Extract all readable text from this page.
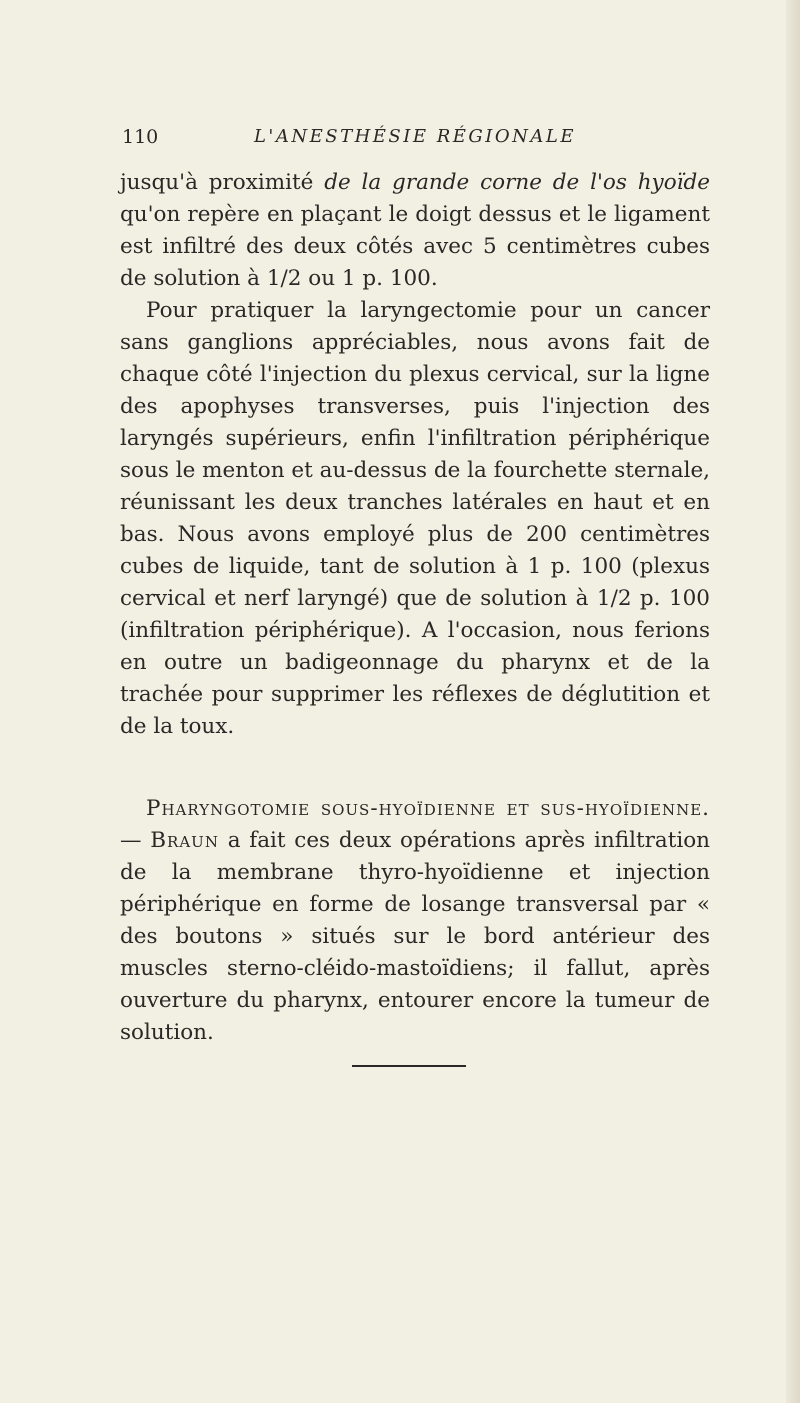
110	L'ANESTHÉSIE RÉGIONALE

jusqu'à proximité de la grande corne de l'os hyoïde qu'on repère en plaçant le doigt dessus et le ligament est infiltré des deux côtés avec 5 centimètres cubes de solution à 1/2 ou 1 p. 100.

Pour pratiquer la laryngectomie pour un cancer sans ganglions appréciables, nous avons fait de chaque côté l'injection du plexus cervical, sur la ligne des apophyses transverses, puis l'injection des laryngés supérieurs, enfin l'infiltration périphérique sous le menton et au-dessus de la fourchette sternale, réunissant les deux tranches latérales en haut et en bas. Nous avons employé plus de 200 centimètres cubes de liquide, tant de solution à 1 p. 100 (plexus cervical et nerf laryngé) que de solution à 1/2 p. 100 (infiltration périphérique). A l'occasion, nous ferions en outre un badigeonnage du pharynx et de la trachée pour supprimer les réflexes de déglutition et de la toux.

Pharyngotomie sous-hyoïdienne et sus-hyoïdienne. — Braun a fait ces deux opérations après infiltration de la membrane thyro-hyoïdienne et injection périphérique en forme de losange transversal par « des boutons » situés sur le bord antérieur des muscles sterno-cléido-mastoïdiens; il fallut, après ouverture du pharynx, entourer encore la tumeur de solution.
